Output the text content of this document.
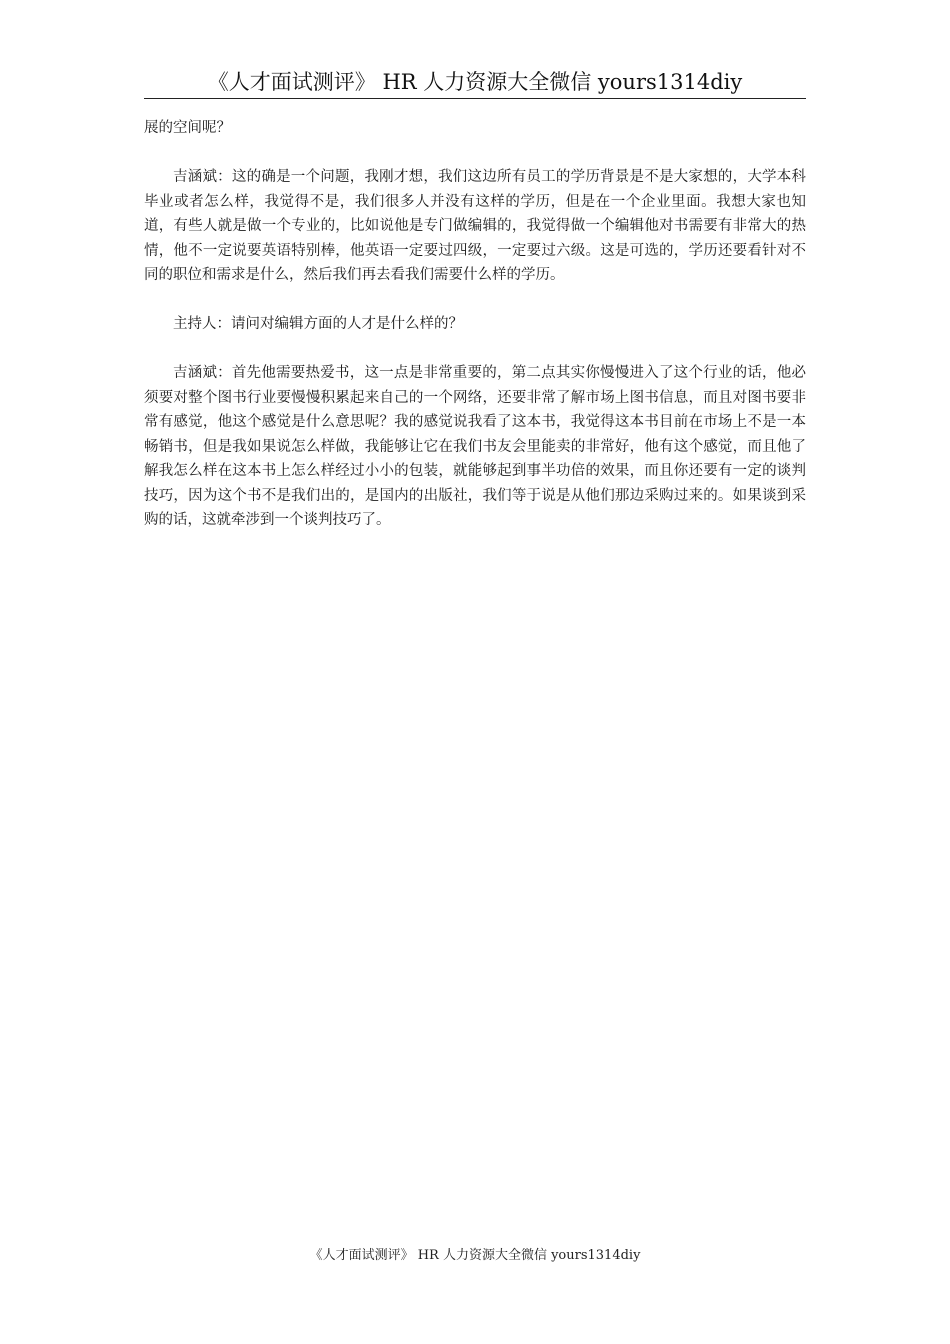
《人才面试测评》 HR 人力资源大全微信 yours1314diy

展的空间呢？

吉涵斌：这的确是一个问题，我刚才想，我们这边所有员工的学历背景是不是大家想的，大学本科毕业或者怎么样，我觉得不是，我们很多人并没有这样的学历，但是在一个企业里面。我想大家也知道，有些人就是做一个专业的，比如说他是专门做编辑的，我觉得做一个编辑他对书需要有非常大的热情，他不一定说要英语特别棒，他英语一定要过四级，一定要过六级。这是可选的，学历还要看针对不同的职位和需求是什么，然后我们再去看我们需要什么样的学历。

主持人：请问对编辑方面的人才是什么样的？

吉涵斌：首先他需要热爱书，这一点是非常重要的，第二点其实你慢慢进入了这个行业的话，他必须要对整个图书行业要慢慢积累起来自己的一个网络，还要非常了解市场上图书信息，而且对图书要非常有感觉，他这个感觉是什么意思呢？我的感觉说我看了这本书，我觉得这本书目前在市场上不是一本畅销书，但是我如果说怎么样做，我能够让它在我们书友会里能卖的非常好，他有这个感觉，而且他了解我怎么样在这本书上怎么样经过小小的包装，就能够起到事半功倍的效果，而且你还要有一定的谈判技巧，因为这个书不是我们出的，是国内的出版社，我们等于说是从他们那边采购过来的。如果谈到采购的话，这就牵涉到一个谈判技巧了。

《人才面试测评》 HR 人力资源大全微信 yours1314diy
